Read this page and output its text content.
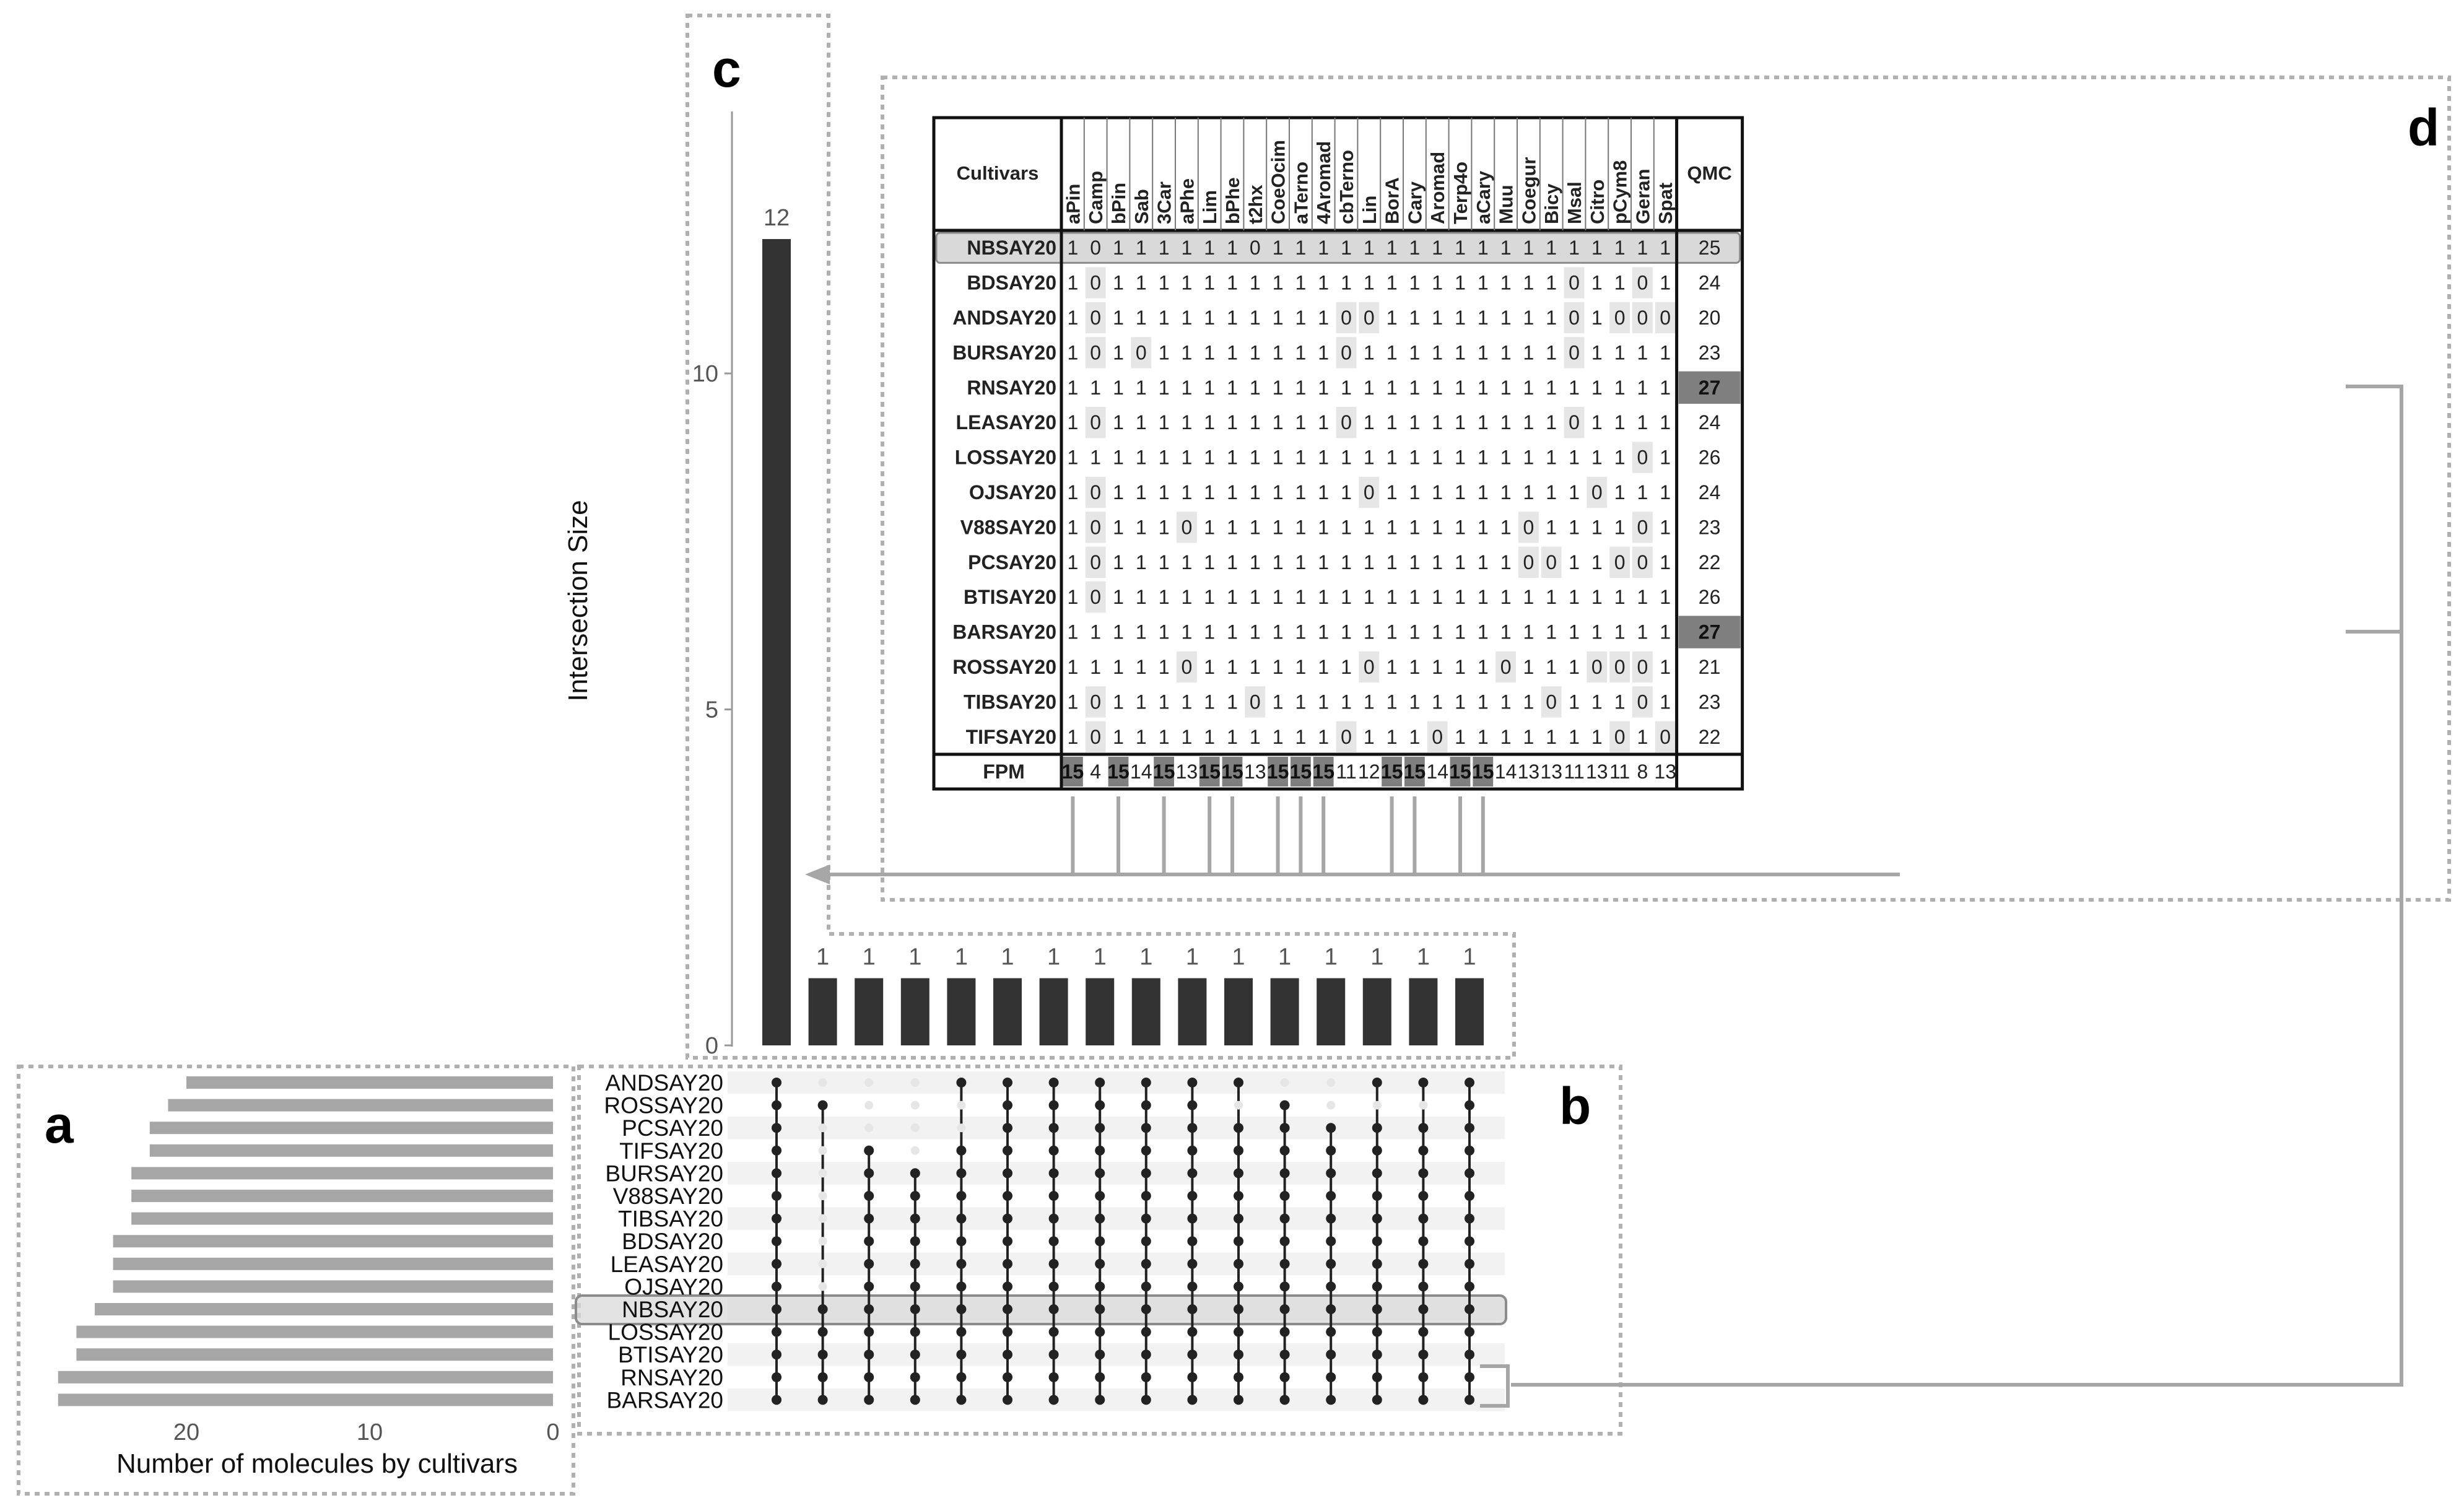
c
a	b
d
Intersection Size
0
5
10
12
1 1 1 1 1 1 1 1 1 1 1 1 1 1 1
0
10
20
Number of molecules by cultivars
ANDSAY20
ROSSAY20
PCSAY20
TIFSAY20
BURSAY20
V88SAY20
TIBSAY20
BDSAY20
LEASAY20
OJSAY20
NBSAY20
LOSSAY20
BTISAY20
RNSAY20
BARSAY20
Cultivars
aPin Camp bPin Sab 3Car aPhe Lim bPhe t2hx CoeOcim aTerno 4Aromad cbTerno Lin BorA Cary Aromad Terp4o aCary Muu Coegur Bicy Msal Citro pCym8 Geran Spat
QMC
NBSAY20 1 0 1 1 1 1 1 1 0 1 1 1 1 1 1 1 1 1 1 1 1 1 1 1 1 1 1 25
BDSAY20 1 0 1 1 1 1 1 1 1 1 1 1 1 1 1 1 1 1 1 1 1 1 0 1 1 0 1 24
ANDSAY20 1 0 1 1 1 1 1 1 1 1 1 1 0 0 1 1 1 1 1 1 1 1 0 1 0 0 0 20
BURSAY20 1 0 1 0 1 1 1 1 1 1 1 1 0 1 1 1 1 1 1 1 1 1 0 1 1 1 1 23
RNSAY20 1 1 1 1 1 1 1 1 1 1 1 1 1 1 1 1 1 1 1 1 1 1 1 1 1 1 1 27
LEASAY20 1 0 1 1 1 1 1 1 1 1 1 1 0 1 1 1 1 1 1 1 1 1 0 1 1 1 1 24
LOSSAY20 1 1 1 1 1 1 1 1 1 1 1 1 1 1 1 1 1 1 1 1 1 1 1 1 1 0 1 26
OJSAY20 1 0 1 1 1 1 1 1 1 1 1 1 1 0 1 1 1 1 1 1 1 1 1 0 1 1 1 24
V88SAY20 1 0 1 1 1 0 1 1 1 1 1 1 1 1 1 1 1 1 1 1 0 1 1 1 1 0 1 23
PCSAY20 1 0 1 1 1 1 1 1 1 1 1 1 1 1 1 1 1 1 1 1 0 0 1 1 0 0 1 22
BTISAY20 1 0 1 1 1 1 1 1 1 1 1 1 1 1 1 1 1 1 1 1 1 1 1 1 1 1 1 26
BARSAY20 1 1 1 1 1 1 1 1 1 1 1 1 1 1 1 1 1 1 1 1 1 1 1 1 1 1 1 27
ROSSAY20 1 1 1 1 1 0 1 1 1 1 1 1 1 0 1 1 1 1 1 0 1 1 1 0 0 0 1 21
TIBSAY20 1 0 1 1 1 1 1 1 0 1 1 1 1 1 1 1 1 1 1 1 1 0 1 1 1 0 1 23
TIFSAY20 1 0 1 1 1 1 1 1 1 1 1 1 0 1 1 1 0 1 1 1 1 1 1 1 0 1 0 22
FPM 15 4 15 14 15 13 15 15 13 15 15 15 11 12 15 15 14 15 15 14 13 13 11 13 11 8 13
